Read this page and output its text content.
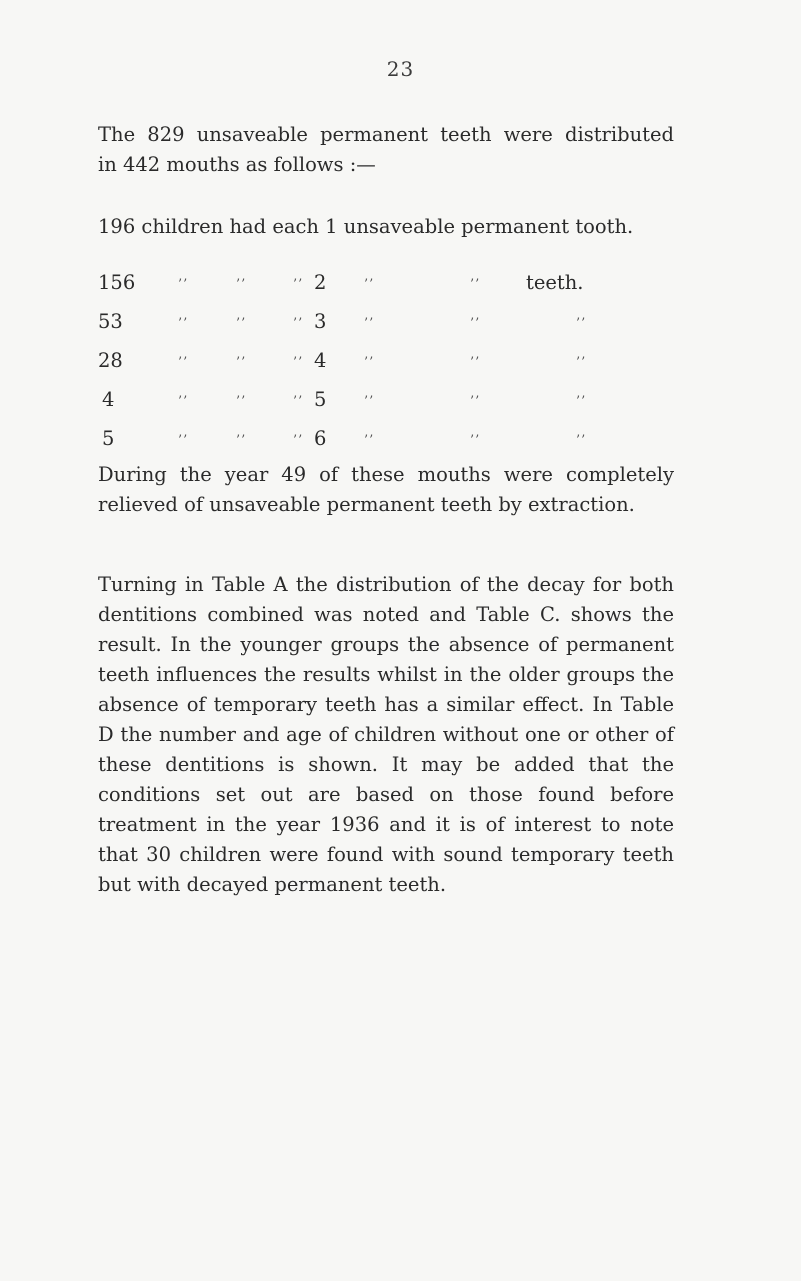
23
The 829 unsaveable permanent teeth were distributed
in 442 mouths as follows :—
196 children had each 1 unsaveable permanent tooth.
156	’’	’’	’’ 2	’’	’’ teeth.
53	’’	’’	’’ 3	’’	’’	’’
28	’’	’’	’’ 4	’’	’’	’’
4	’’	’’	’’ 5	’’	’’	’’
5	’’	’’	’’ 6	’’	’’	’’
During the year 49 of these mouths were completely relieved of unsaveable permanent teeth by extraction.
Turning in Table A the distribution of the decay for both dentitions combined was noted and Table C. shows the result. In the younger groups the absence of permanent teeth influences the results whilst in the older groups the absence of temporary teeth has a similar effect. In Table D the number and age of children without one or other of these dentitions is shown. It may be added that the conditions set out are based on those found before treatment in the year 1936 and it is of interest to note that 30 children were found with sound temporary teeth but with decayed permanent teeth.
